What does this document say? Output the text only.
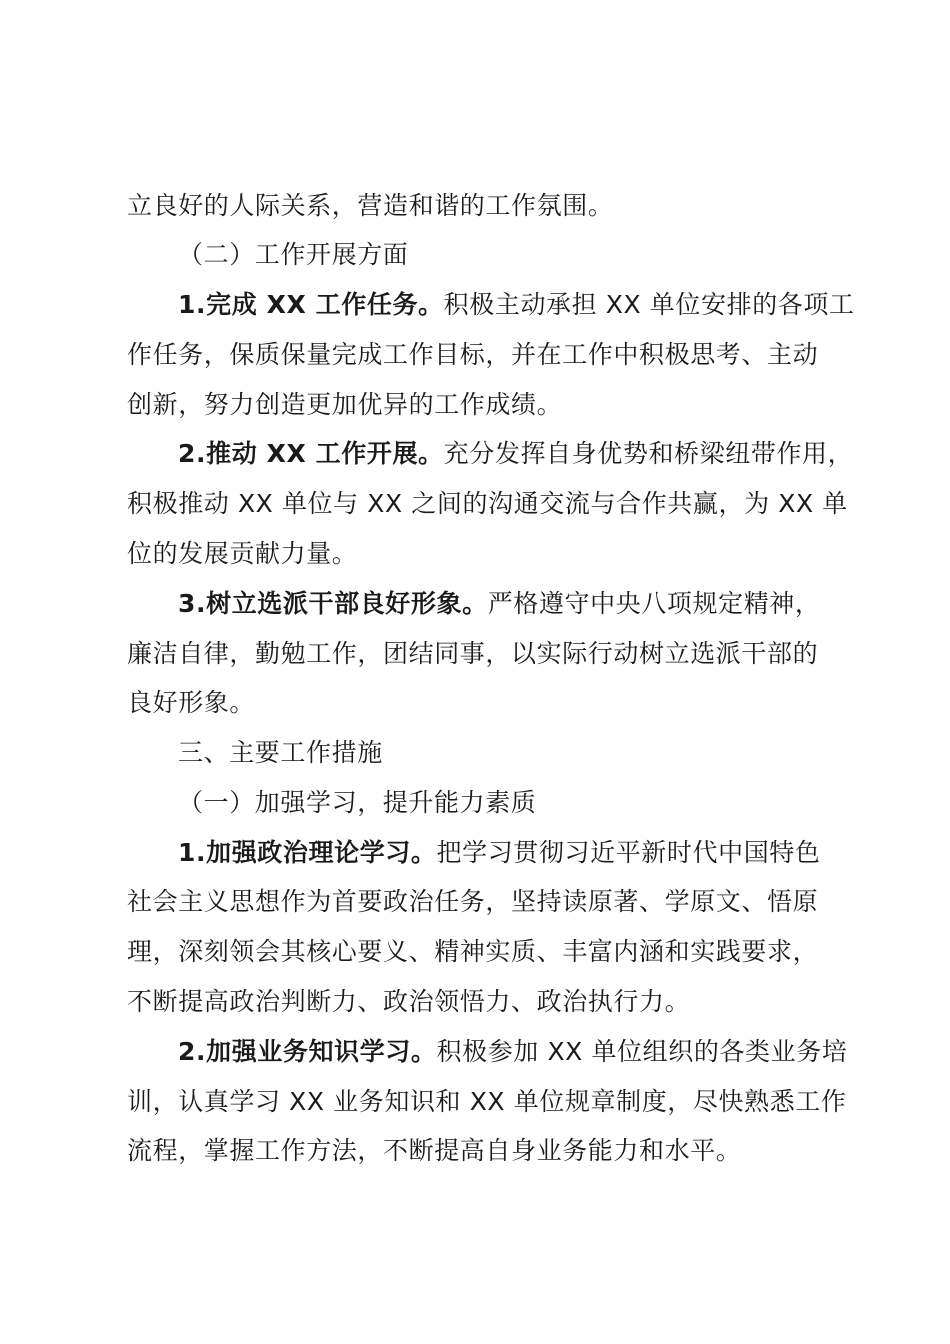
立良好的人际关系，营造和谐的工作氛围。
（二）工作开展方面
1.完成 XX 工作任务。积极主动承担 XX 单位安排的各项工
作任务，保质保量完成工作目标，并在工作中积极思考、主动
创新，努力创造更加优异的工作成绩。
2.推动 XX 工作开展。充分发挥自身优势和桥梁纽带作用，
积极推动 XX 单位与 XX 之间的沟通交流与合作共赢，为 XX 单
位的发展贡献力量。
3.树立选派干部良好形象。严格遵守中央八项规定精神，
廉洁自律，勤勉工作，团结同事，以实际行动树立选派干部的
良好形象。
三、主要工作措施
（一）加强学习，提升能力素质
1.加强政治理论学习。把学习贯彻习近平新时代中国特色
社会主义思想作为首要政治任务，坚持读原著、学原文、悟原
理，深刻领会其核心要义、精神实质、丰富内涵和实践要求，
不断提高政治判断力、政治领悟力、政治执行力。
2.加强业务知识学习。积极参加 XX 单位组织的各类业务培
训，认真学习 XX 业务知识和 XX 单位规章制度，尽快熟悉工作
流程，掌握工作方法，不断提高自身业务能力和水平。
